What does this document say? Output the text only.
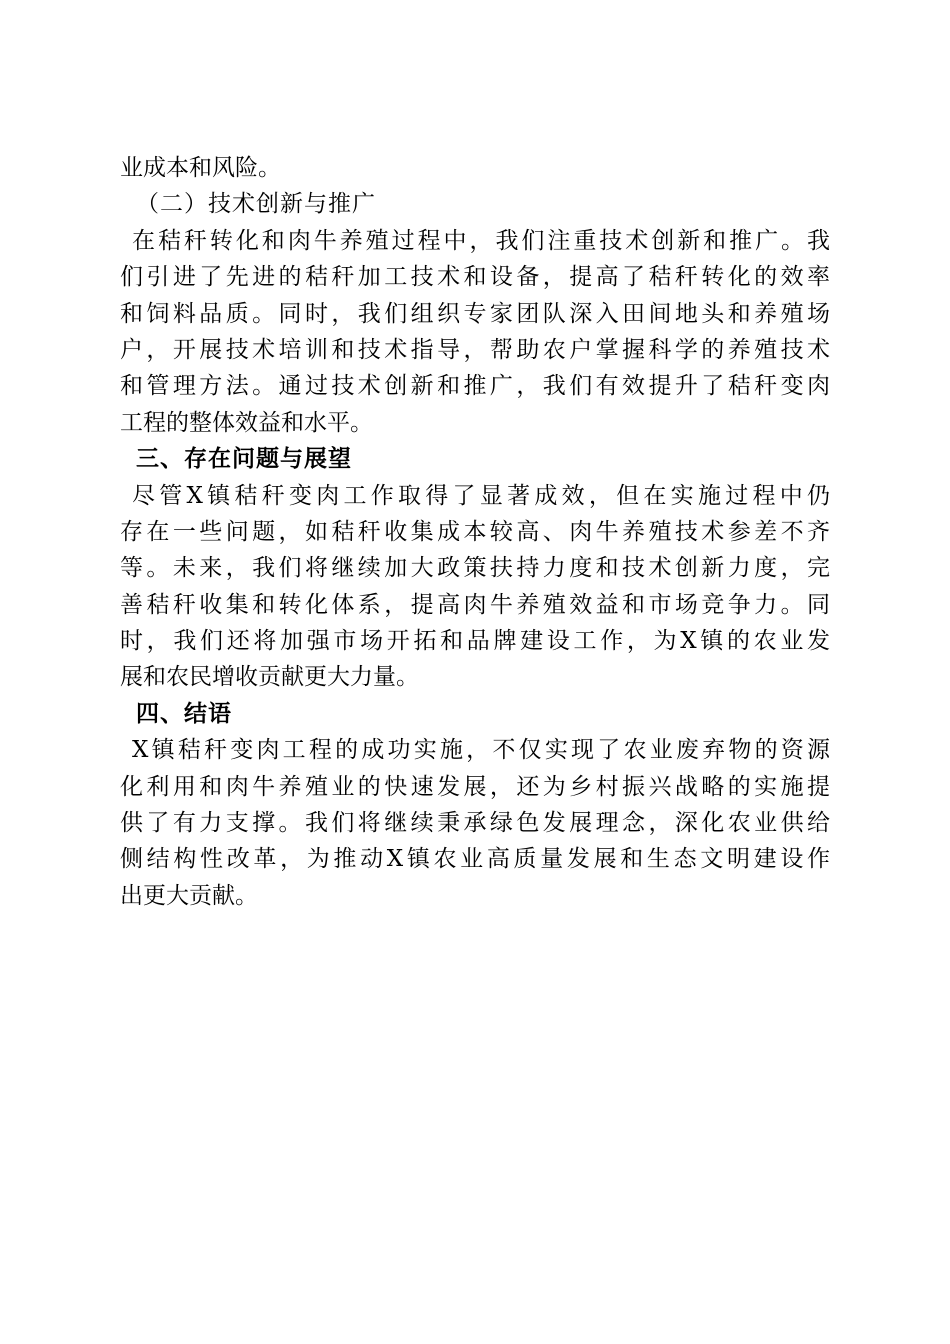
业成本和风险。
（二）技术创新与推广
在秸秆转化和肉牛养殖过程中，我们注重技术创新和推广。我
们引进了先进的秸秆加工技术和设备，提高了秸秆转化的效率
和饲料品质。同时，我们组织专家团队深入田间地头和养殖场
户，开展技术培训和技术指导，帮助农户掌握科学的养殖技术
和管理方法。通过技术创新和推广，我们有效提升了秸秆变肉
工程的整体效益和水平。
三、存在问题与展望
尽管X镇秸秆变肉工作取得了显著成效，但在实施过程中仍
存在一些问题，如秸秆收集成本较高、肉牛养殖技术参差不齐
等。未来，我们将继续加大政策扶持力度和技术创新力度，完
善秸秆收集和转化体系，提高肉牛养殖效益和市场竞争力。同
时，我们还将加强市场开拓和品牌建设工作，为X镇的农业发
展和农民增收贡献更大力量。
四、结语
X镇秸秆变肉工程的成功实施，不仅实现了农业废弃物的资源
化利用和肉牛养殖业的快速发展，还为乡村振兴战略的实施提
供了有力支撑。我们将继续秉承绿色发展理念，深化农业供给
侧结构性改革，为推动X镇农业高质量发展和生态文明建设作
出更大贡献。
